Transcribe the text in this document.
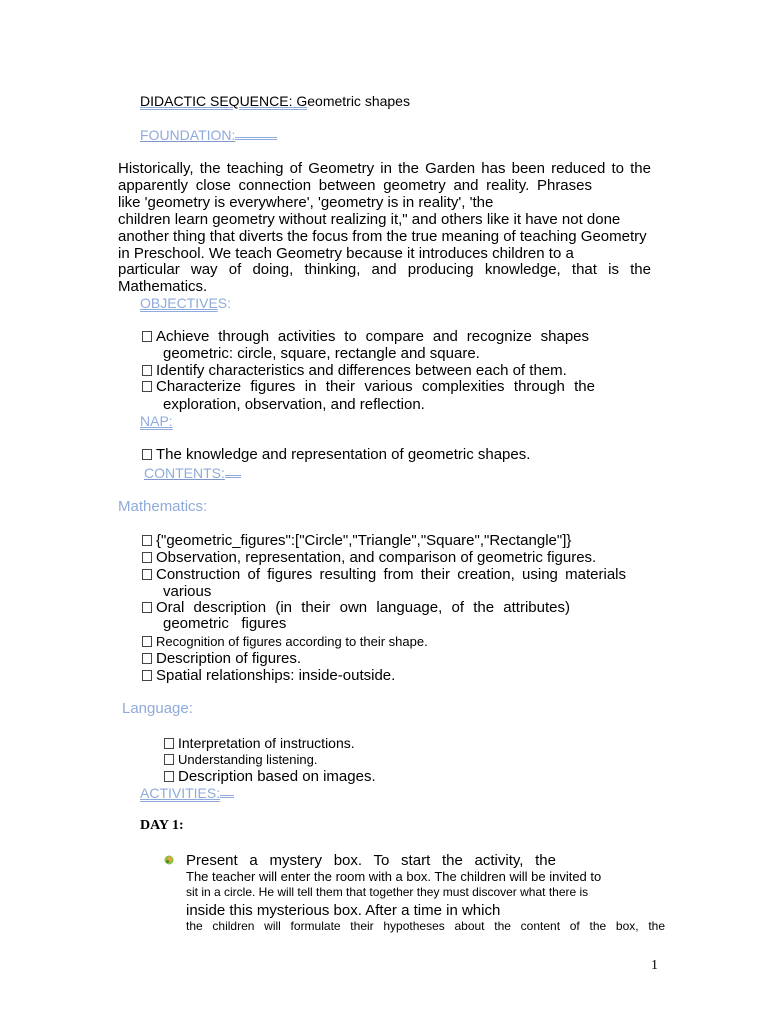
DIDACTIC SEQUENCE: Geometric shapes
FOUNDATION:
Historically, the teaching of Geometry in the Garden has been reduced to the
apparently close connection between geometry and reality. Phrases
like 'geometry is everywhere', 'geometry is in reality', 'the
children learn geometry without realizing it," and others like it have not done
another thing that diverts the focus from the true meaning of teaching Geometry
in Preschool. We teach Geometry because it introduces children to a
particular way of doing, thinking, and producing knowledge, that is the
Mathematics.
OBJECTIVES:
Achieve through activities to compare and recognize shapes
geometric: circle, square, rectangle and square.
Identify characteristics and differences between each of them.
Characterize figures in their various complexities through the
exploration, observation, and reflection.
NAP:
The knowledge and representation of geometric shapes.
CONTENTS:
Mathematics:
{"geometric_figures":["Circle","Triangle","Square","Rectangle"]}
Observation, representation, and comparison of geometric figures.
Construction of figures resulting from their creation, using materials
various
Oral description (in their own language, of the attributes)
geometric   figures
Recognition of figures according to their shape.
Description of figures.
Spatial relationships: inside-outside.
Language:
Interpretation of instructions.
Understanding listening.
Description based on images.
ACTIVITIES:
DAY 1:
Present a mystery box. To start the activity, the
The teacher will enter the room with a box. The children will be invited to
sit in a circle. He will tell them that together they must discover what there is
inside this mysterious box. After a time in which
the children will formulate their hypotheses about the content of the box, the
1
